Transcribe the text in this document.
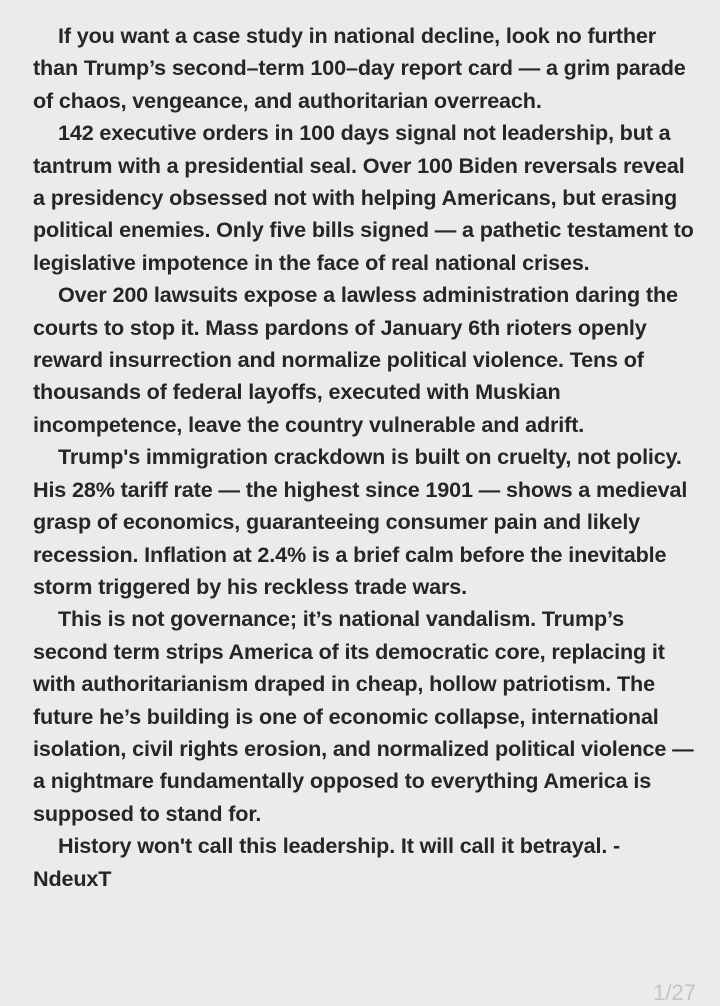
If you want a case study in national decline, look no further than Trump’s second–term 100–day report card — a grim parade of chaos, vengeance, and authoritarian overreach.

142 executive orders in 100 days signal not leadership, but a tantrum with a presidential seal. Over 100 Biden reversals reveal a presidency obsessed not with helping Americans, but erasing political enemies. Only five bills signed — a pathetic testament to legislative impotence in the face of real national crises.

Over 200 lawsuits expose a lawless administration daring the courts to stop it. Mass pardons of January 6th rioters openly reward insurrection and normalize political violence. Tens of thousands of federal layoffs, executed with Muskian incompetence, leave the country vulnerable and adrift.

Trump's immigration crackdown is built on cruelty, not policy. His 28% tariff rate — the highest since 1901 — shows a medieval grasp of economics, guaranteeing consumer pain and likely recession. Inflation at 2.4% is a brief calm before the inevitable storm triggered by his reckless trade wars.

This is not governance; it’s national vandalism. Trump’s second term strips America of its democratic core, replacing it with authoritarianism draped in cheap, hollow patriotism. The future he’s building is one of economic collapse, international isolation, civil rights erosion, and normalized political violence — a nightmare fundamentally opposed to everything America is supposed to stand for.

History won't call this leadership. It will call it betrayal. - NdeuxT

1/27
